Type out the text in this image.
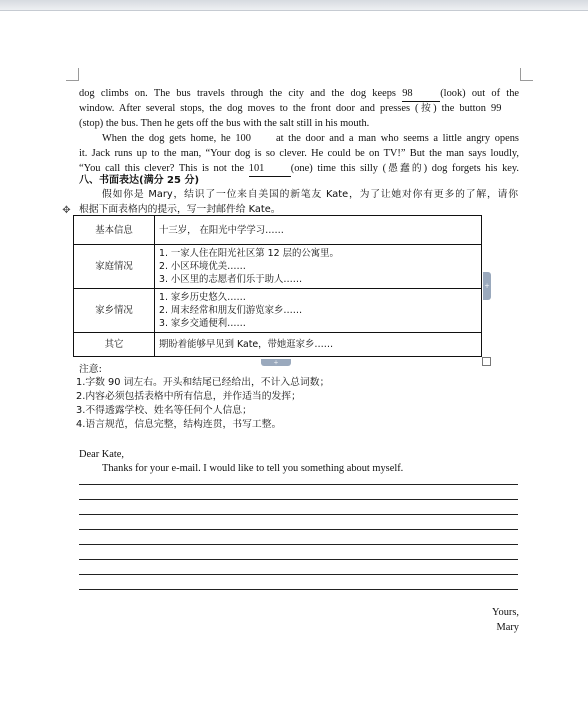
dog climbs on. The bus travels through the city and the dog keeps 98	(look) out of the
window. After several stops, the dog moves to the front door and presses (按) the button 99
(stop) the bus. Then he gets off the bus with the salt still in his mouth.
When the dog gets home, he 100 at the door and a man who seems a little angry opens
it. Jack runs up to the man, “Your dog is so clever. He could be on TV!” But the man says loudly,
“You call this clever? This is not the 101	(one) time this silly (愚蠢的) dog forgets his key.
八、书面表达(满分 25 分)
假如你是 Mary，结识了一位来自美国的新笔友 Kate，为了让她对你有更多的了解，请你
根据下面表格内的提示，写一封邮件给 Kate。
✥
基本信息	十三岁， 在阳光中学学习……

家庭情况	1. 一家人住在阳光社区第 12 层的公寓里。
2. 小区环境优美……
3. 小区里的志愿者们乐于助人……

家乡情况	1. 家乡历史悠久……
2. 周末经常和朋友们游览家乡……
3. 家乡交通便利……

其它	期盼着能够早见到 Kate，带她逛家乡……
+
+
注意:
1.字数 90 词左右。开头和结尾已经给出，不计入总词数；
2.内容必须包括表格中所有信息，并作适当的发挥；
3.不得透露学校、姓名等任何个人信息；
4.语言规范，信息完整，结构连贯，书写工整。
Dear Kate,
Thanks for your e-mail. I would like to tell you something about myself.
Yours,
Mary
